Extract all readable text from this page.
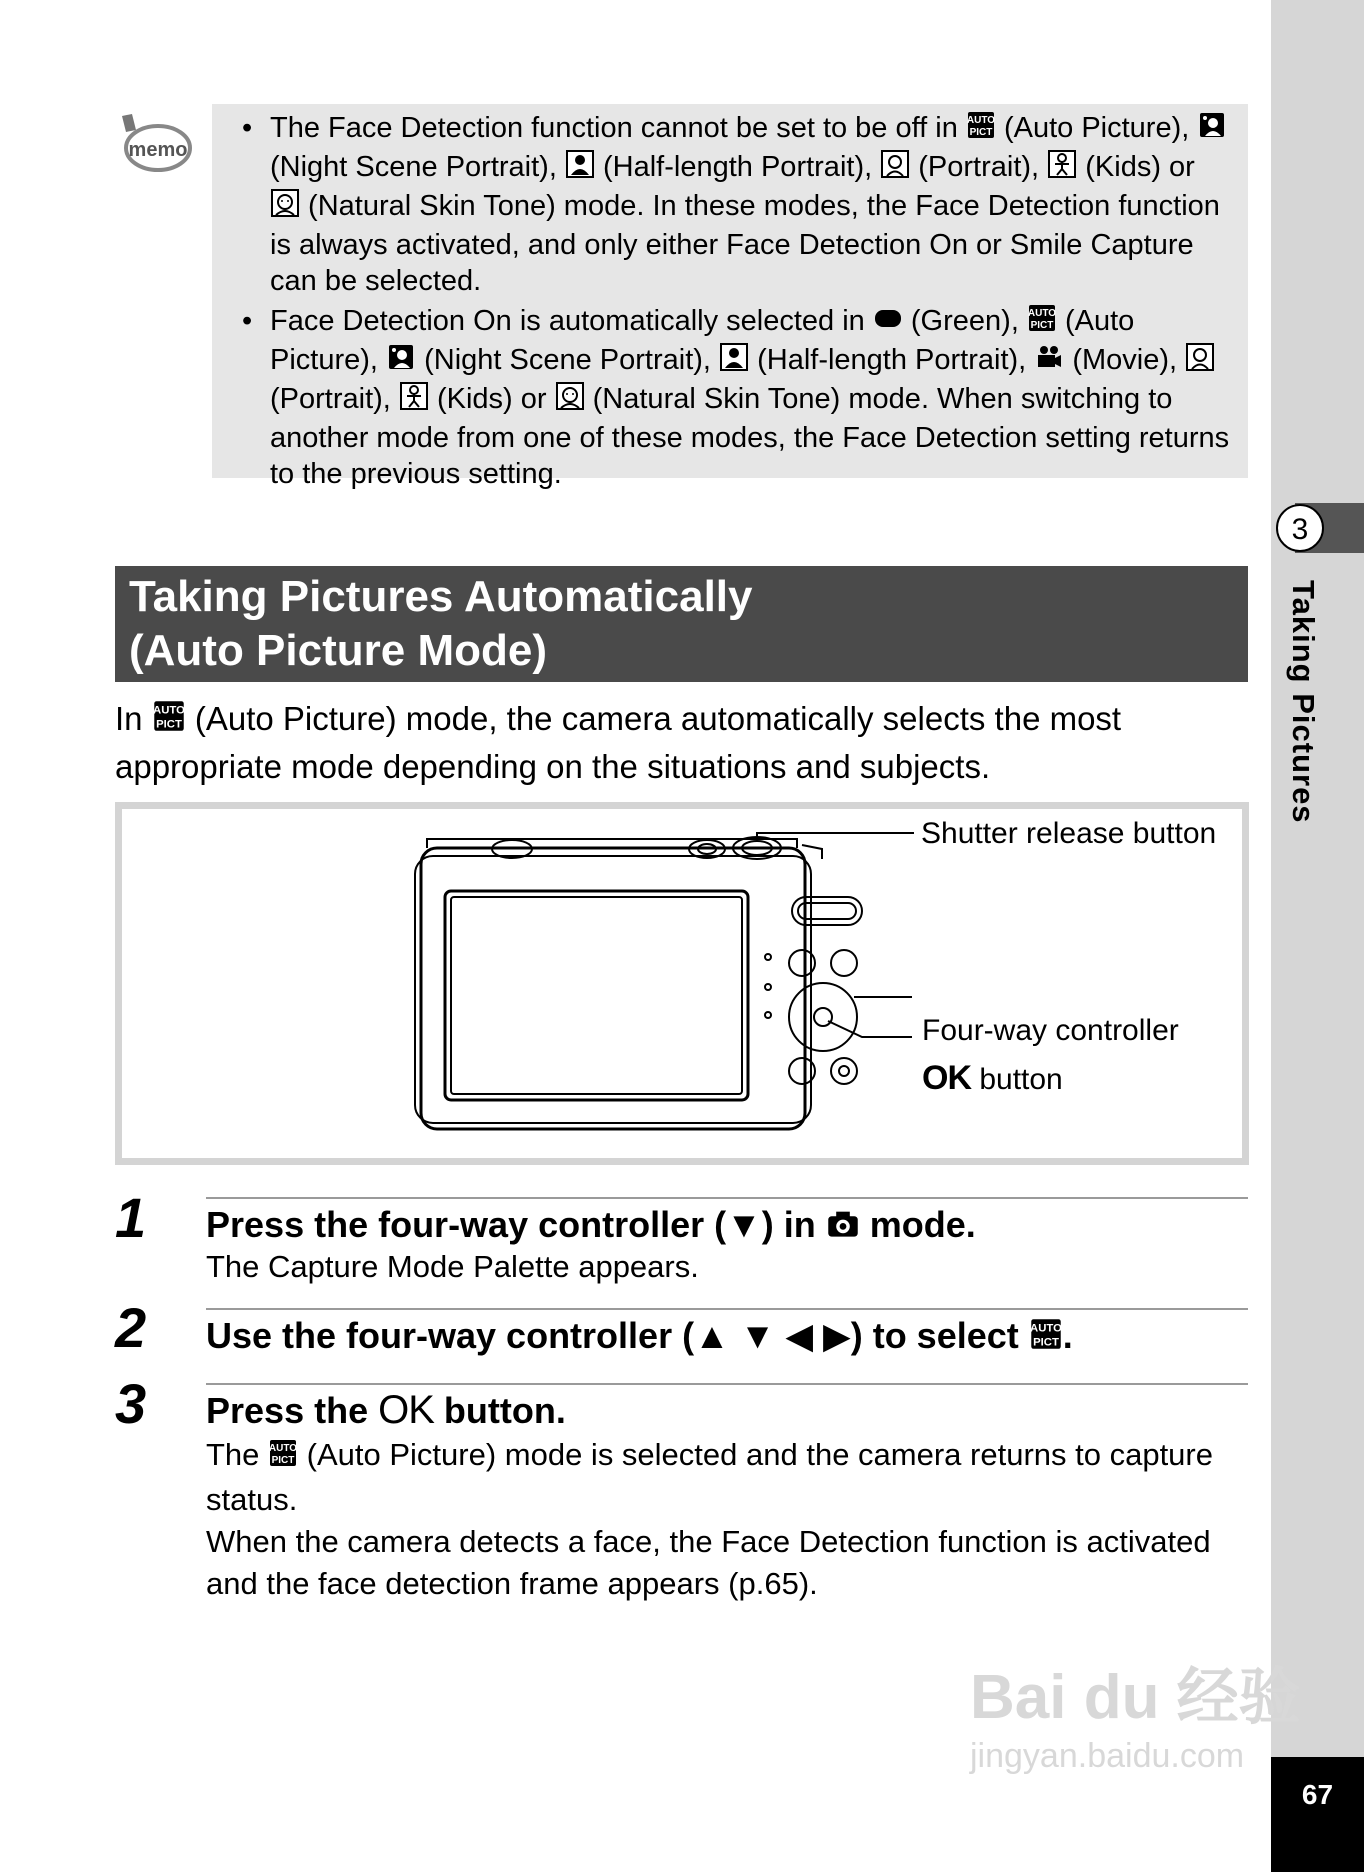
3
Taking Pictures
67
memo
• The Face Detection function cannot be set to be off in AUTO
PICT (Auto Picture),  (Night Scene Portrait),  (Half-length Portrait),  (Portrait),  (Kids) or  (Natural Skin Tone) mode. In these modes, the Face Detection function is always activated, and only either Face Detection On or Smile Capture can be selected.
• Face Detection On is automatically selected in  (Green), AUTO
PICT (Auto Picture),  (Night Scene Portrait),  (Half-length Portrait),  (Movie),  (Portrait),  (Kids) or  (Natural Skin Tone) mode. When switching to another mode from one of these modes, the Face Detection setting returns to the previous setting.
Taking Pictures Automatically
(Auto Picture Mode)
In AUTO
PICT (Auto Picture) mode, the camera automatically selects the most appropriate mode depending on the situations and subjects.
Shutter release button
Four-way controller
OK button
1 Press the four-way controller (▼) in  mode.
The Capture Mode Palette appears.
2 Use the four-way controller (▲ ▼ ◀ ▶) to select AUTO
PICT .
3 Press the OK button.
The AUTO
PICT (Auto Picture) mode is selected and the camera returns to capture status.
When the camera detects a face, the Face Detection function is activated and the face detection frame appears (p.65).
Bai du 经验
jingyan.baidu.com
